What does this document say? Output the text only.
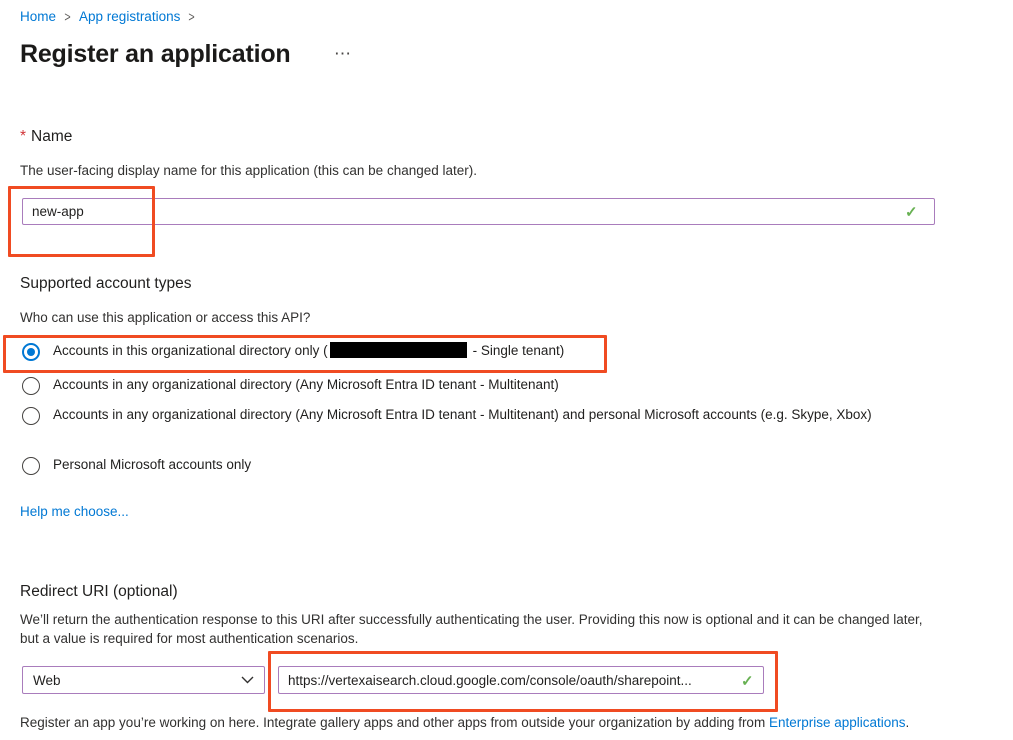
Home > App registrations >
Register an application	⋯
* Name
The user-facing display name for this application (this can be changed later).
new-app
✓
Supported account types
Who can use this application or access this API?
Accounts in this organizational directory only (	- Single tenant)
Accounts in any organizational directory (Any Microsoft Entra ID tenant - Multitenant)
Accounts in any organizational directory (Any Microsoft Entra ID tenant - Multitenant) and personal Microsoft accounts (e.g. Skype, Xbox)
Personal Microsoft accounts only
Help me choose...
Redirect URI (optional)
We’ll return the authentication response to this URI after successfully authenticating the user. Providing this now is optional and it can be changed later, but a value is required for most authentication scenarios.
Web
https://vertexaisearch.cloud.google.com/console/oauth/sharepoint...	✓
Register an app you’re working on here. Integrate gallery apps and other apps from outside your organization by adding from Enterprise applications.
